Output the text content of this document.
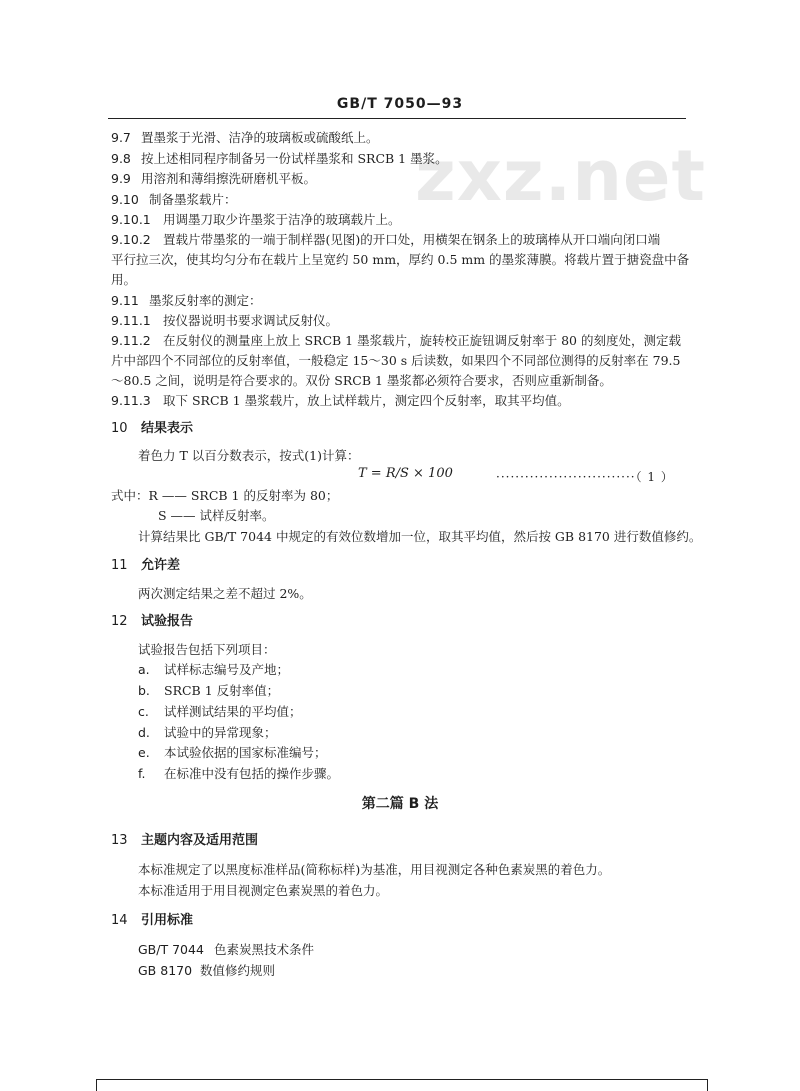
GB/T 7050—93
zxz.net
9.7 置墨浆于光滑、洁净的玻璃板或硫酸纸上。
9.8 按上述相同程序制备另一份试样墨浆和 SRCB 1 墨浆。
9.9 用溶剂和薄绢擦洗研磨机平板。
9.10 制备墨浆载片：
9.10.1 用调墨刀取少许墨浆于洁净的玻璃载片上。
9.10.2 置载片带墨浆的一端于制样器(见图)的开口处，用横架在钢条上的玻璃棒从开口端向闭口端
平行拉三次，使其均匀分布在载片上呈宽约 50 mm，厚约 0.5 mm 的墨浆薄膜。将载片置于搪瓷盘中备
用。
9.11 墨浆反射率的测定：
9.11.1 按仪器说明书要求调试反射仪。
9.11.2 在反射仪的测量座上放上 SRCB 1 墨浆载片，旋转校正旋钮调反射率于 80 的刻度处，测定载
片中部四个不同部位的反射率值，一般稳定 15～30 s 后读数，如果四个不同部位测得的反射率在 79.5
～80.5 之间，说明是符合要求的。双份 SRCB 1 墨浆都必须符合要求，否则应重新制备。
9.11.3 取下 SRCB 1 墨浆载片，放上试样载片，测定四个反射率，取其平均值。
10 结果表示
着色力 T 以百分数表示，按式(1)计算：
T = R/S × 100	·····························（ 1 ）
式中：R —— SRCB 1 的反射率为 80；
S —— 试样反射率。
计算结果比 GB/T 7044 中规定的有效位数增加一位，取其平均值，然后按 GB 8170 进行数值修约。
11 允许差
两次测定结果之差不超过 2%。
12 试验报告
试验报告包括下列项目：
a. 试样标志编号及产地；
b. SRCB 1 反射率值；
c. 试样测试结果的平均值；
d. 试验中的异常现象；
e. 本试验依据的国家标准编号；
f. 在标准中没有包括的操作步骤。
第二篇 B 法
13 主题内容及适用范围
本标准规定了以黑度标准样品(简称标样)为基准，用目视测定各种色素炭黑的着色力。
本标准适用于用目视测定色素炭黑的着色力。
14 引用标准
GB/T 7044 色素炭黑技术条件
GB 8170 数值修约规则
